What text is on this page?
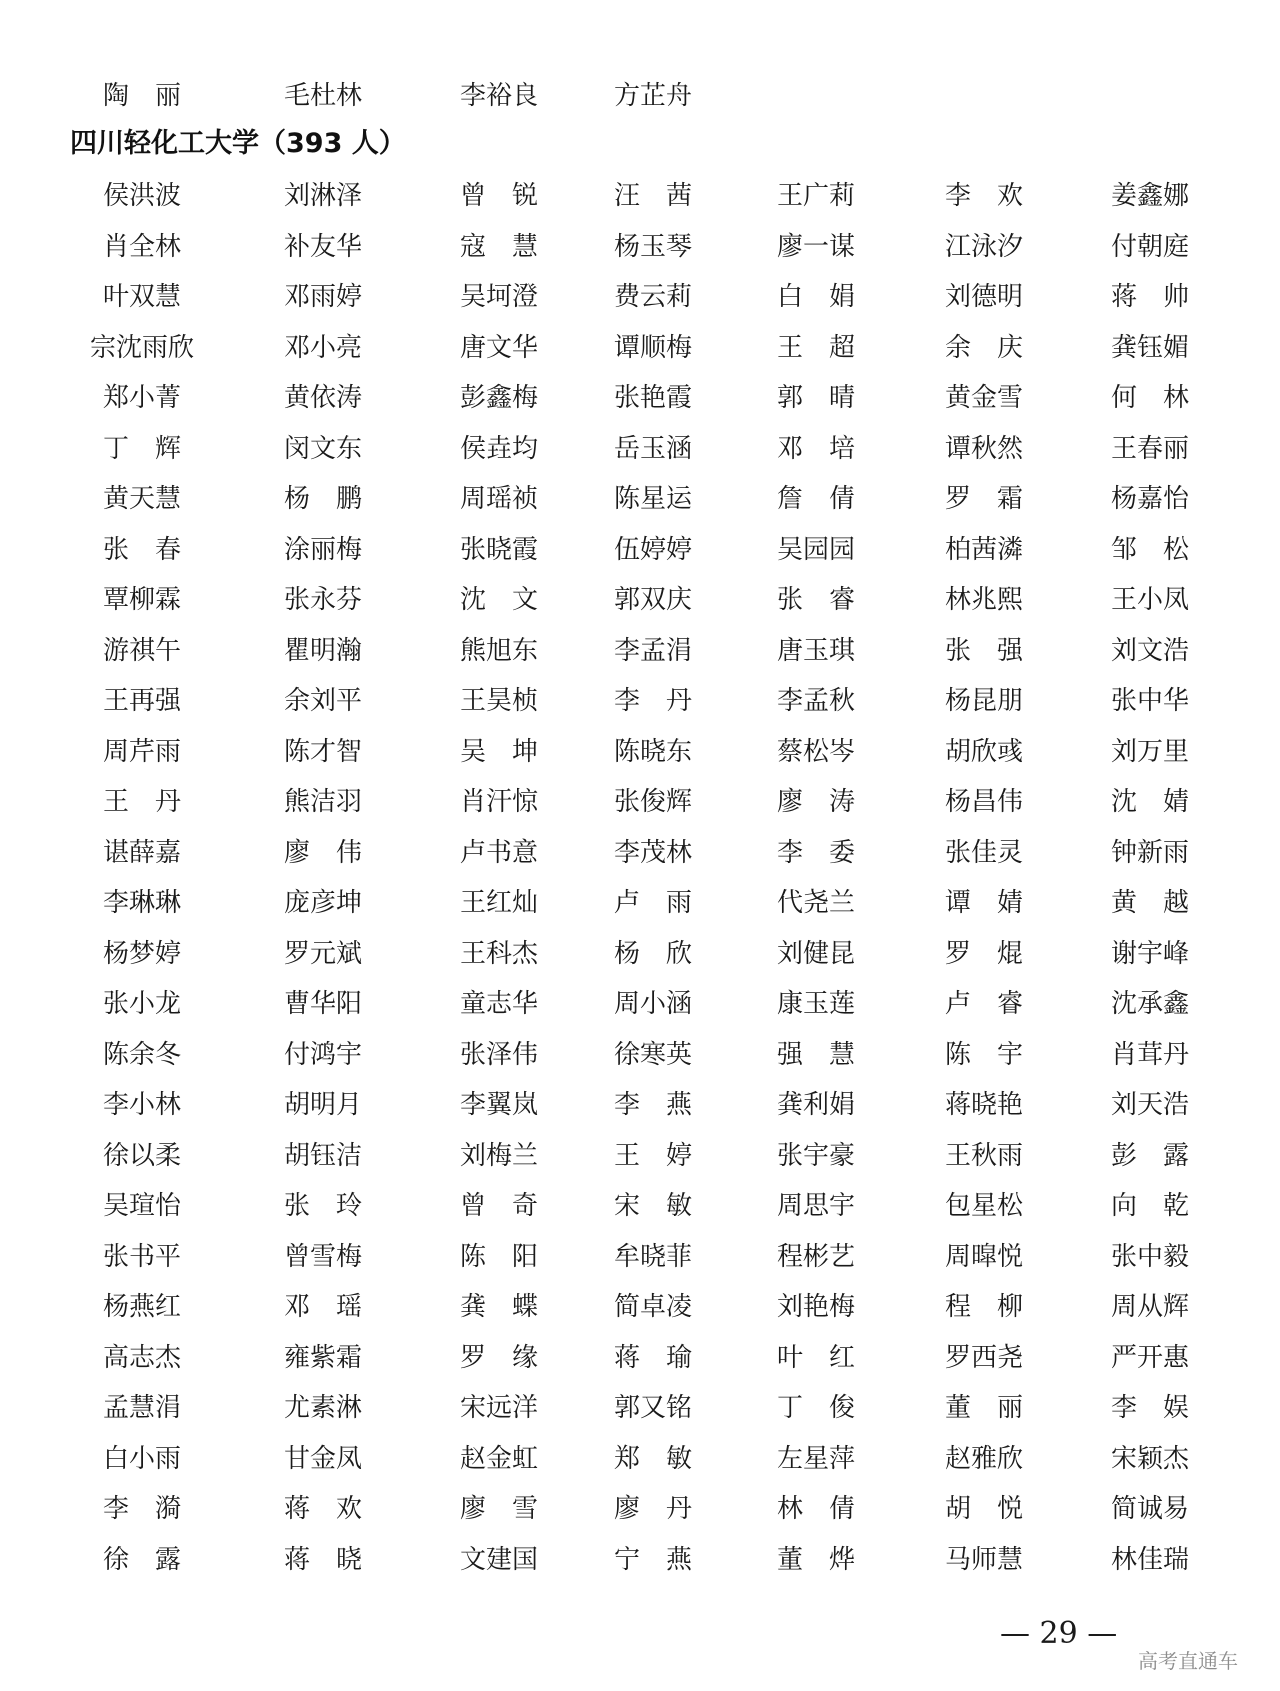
陶　丽	毛杜林	李裕良	方芷舟
四川轻化工大学（393 人）
侯洪波	刘淋泽	曾　锐	汪　茜	王广莉	李　欢	姜鑫娜
肖全林	补友华	寇　慧	杨玉琴	廖一谋	江泳汐	付朝庭
叶双慧	邓雨婷	吴坷澄	费云莉	白　娟	刘德明	蒋　帅
宗沈雨欣	邓小亮	唐文华	谭顺梅	王　超	余　庆	龚钰媚
郑小菁	黄依涛	彭鑫梅	张艳霞	郭　晴	黄金雪	何　林
丁　辉	闵文东	侯垚均	岳玉涵	邓　培	谭秋然	王春丽
黄天慧	杨　鹏	周瑶祯	陈星运	詹　倩	罗　霜	杨嘉怡
张　春	涂丽梅	张晓霞	伍婷婷	吴园园	柏茜潾	邹　松
覃柳霖	张永芬	沈　文	郭双庆	张　睿	林兆熙	王小凤
游祺午	瞿明瀚	熊旭东	李孟涓	唐玉琪	张　强	刘文浩
王再强	余刘平	王昊桢	李　丹	李孟秋	杨昆朋	张中华
周芹雨	陈才智	吴　坤	陈晓东	蔡松岑	胡欣彧	刘万里
王　丹	熊洁羽	肖汗惊	张俊辉	廖　涛	杨昌伟	沈　婧
谌薛嘉	廖　伟	卢书意	李茂林	李　委	张佳灵	钟新雨
李琳琳	庞彦坤	王红灿	卢　雨	代尧兰	谭　婧	黄　越
杨梦婷	罗元斌	王科杰	杨　欣	刘健昆	罗　焜	谢宇峰
张小龙	曹华阳	童志华	周小涵	康玉莲	卢　睿	沈承鑫
陈余冬	付鸿宇	张泽伟	徐寒英	强　慧	陈　宇	肖茸丹
李小林	胡明月	李翼岚	李　燕	龚利娟	蒋晓艳	刘天浩
徐以柔	胡钰洁	刘梅兰	王　婷	张宇豪	王秋雨	彭　露
吴瑄怡	张　玲	曾　奇	宋　敏	周思宇	包星松	向　乾
张书平	曾雪梅	陈　阳	牟晓菲	程彬艺	周暭悦	张中毅
杨燕红	邓　瑶	龚　蝶	简卓凌	刘艳梅	程　柳	周从辉
高志杰	雍紫霜	罗　缘	蒋　瑜	叶　红	罗西尧	严开惠
孟慧涓	尤素淋	宋远洋	郭又铭	丁　俊	董　丽	李　娱
白小雨	甘金凤	赵金虹	郑　敏	左星萍	赵雅欣	宋颖杰
李　漪	蒋　欢	廖　雪	廖　丹	林　倩	胡　悦	简诚易
徐　露	蒋　晓	文建国	宁　燕	董　烨	马师慧	林佳瑞
— 29 —
高考直通车
